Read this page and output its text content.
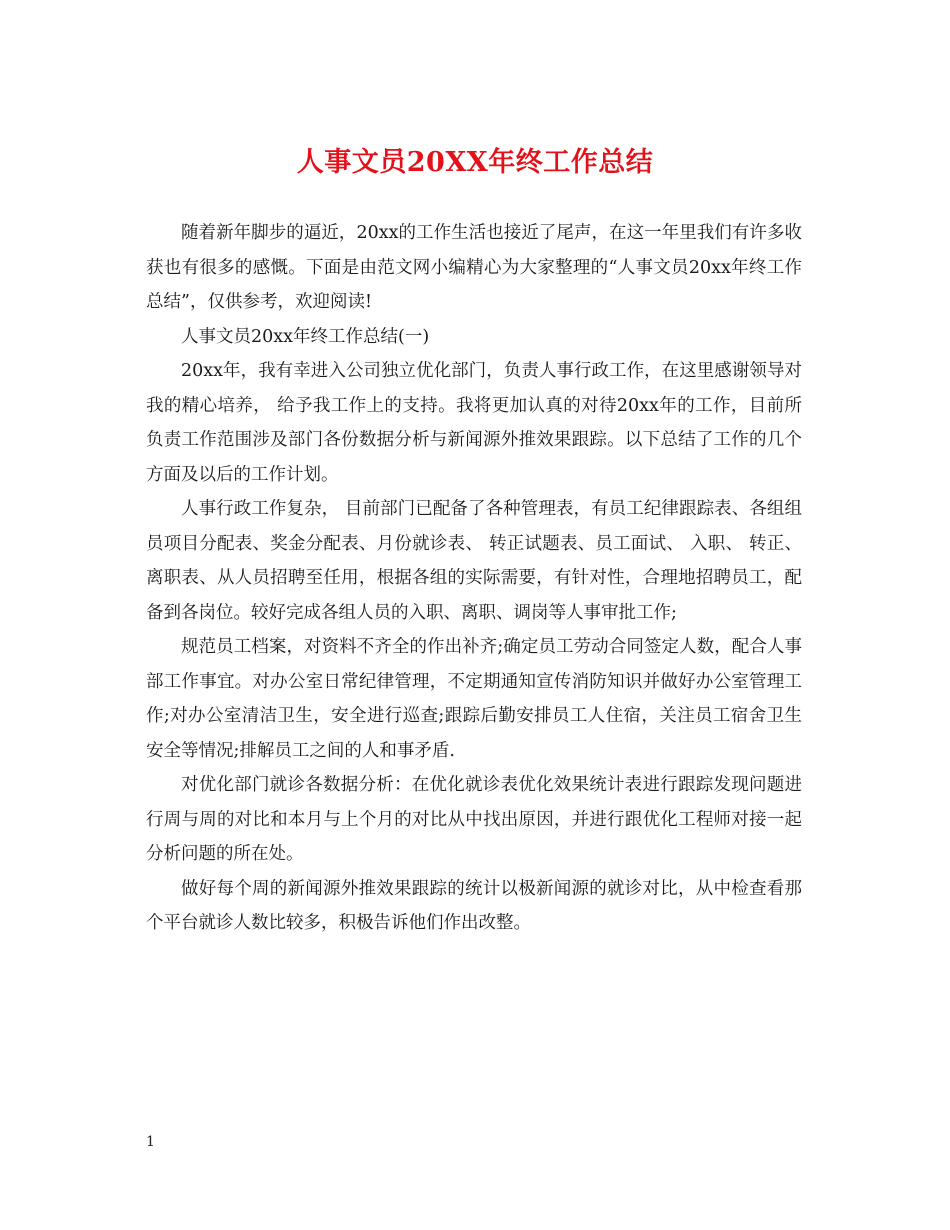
人事文员20XX年终工作总结

随着新年脚步的逼近，20xx的工作生活也接近了尾声，在这一年里我们有许多收获也有很多的感慨。下面是由范文网小编精心为大家整理的“人事文员20xx年终工作总结”，仅供参考，欢迎阅读!

人事文员20xx年终工作总结(一)

20xx年，我有幸进入公司独立优化部门，负责人事行政工作，在这里感谢领导对我的精心培养， 给予我工作上的支持。我将更加认真的对待20xx年的工作，目前所负责工作范围涉及部门各份数据分析与新闻源外推效果跟踪。以下总结了工作的几个方面及以后的工作计划。

人事行政工作复杂， 目前部门已配备了各种管理表，有员工纪律跟踪表、各组组员项目分配表、奖金分配表、月份就诊表、 转正试题表、员工面试、 入职、 转正、 离职表、从人员招聘至任用，根据各组的实际需要，有针对性，合理地招聘员工，配备到各岗位。较好完成各组人员的入职、离职、调岗等人事审批工作;

规范员工档案，对资料不齐全的作出补齐;确定员工劳动合同签定人数，配合人事部工作事宜。对办公室日常纪律管理，不定期通知宣传消防知识并做好办公室管理工作;对办公室清洁卫生，安全进行巡查;跟踪后勤安排员工人住宿，关注员工宿舍卫生安全等情况;排解员工之间的人和事矛盾.

对优化部门就诊各数据分析：在优化就诊表优化效果统计表进行跟踪发现问题进行周与周的对比和本月与上个月的对比从中找出原因，并进行跟优化工程师对接一起分析问题的所在处。

做好每个周的新闻源外推效果跟踪的统计以极新闻源的就诊对比，从中检查看那个平台就诊人数比较多，积极告诉他们作出改整。

1
